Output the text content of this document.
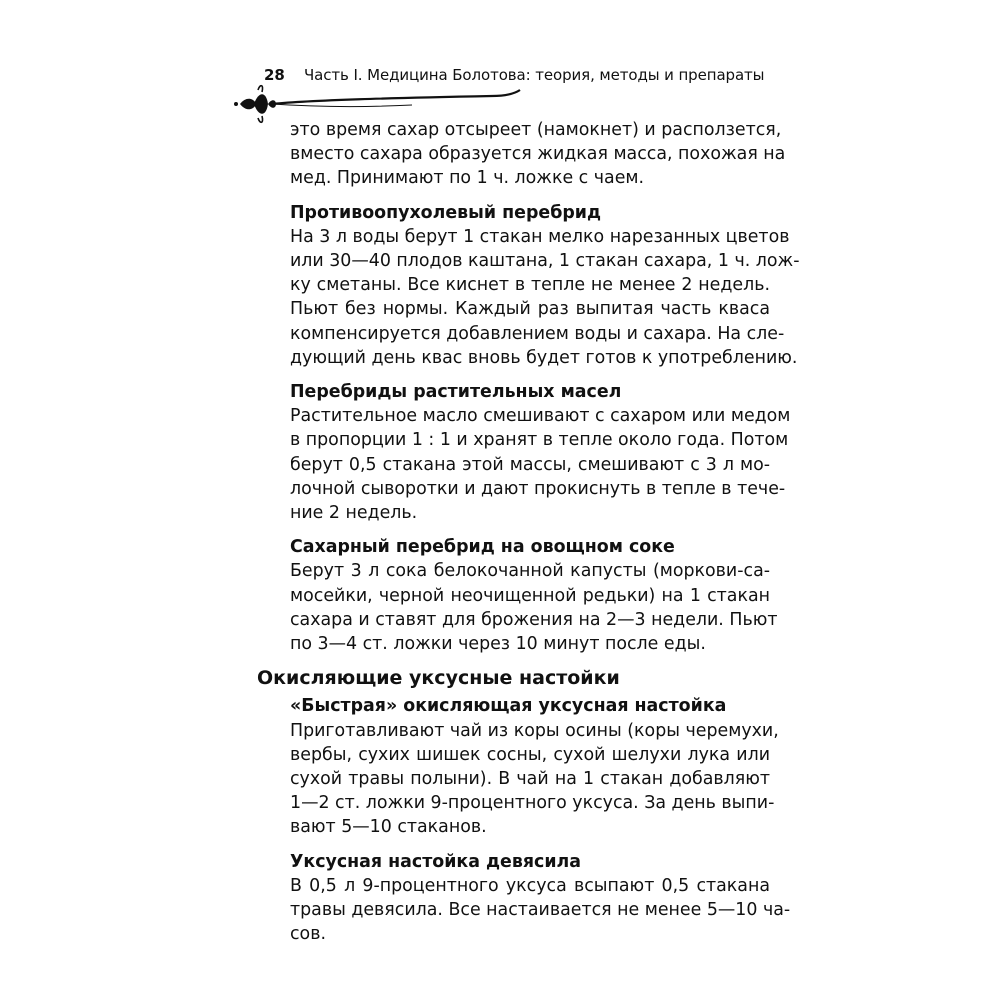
28 Часть I. Медицина Болотова: теория, методы и препараты
это время сахар отсыреет (намокнет) и расползется,
вместо сахара образуется жидкая масса, похожая на
мед. Принимают по 1 ч. ложке с чаем.
Противоопухолевый перебрид
На 3 л воды берут 1 стакан мелко нарезанных цветов
или 30—40 плодов каштана, 1 стакан сахара, 1 ч. лож-
ку сметаны. Все киснет в тепле не менее 2 недель.
Пьют без нормы. Каждый раз выпитая часть кваса
компенсируется добавлением воды и сахара. На сле-
дующий день квас вновь будет готов к употреблению.
Перебриды растительных масел
Растительное масло смешивают с сахаром или медом
в пропорции 1 : 1 и хранят в тепле около года. Потом
берут 0,5 стакана этой массы, смешивают с 3 л мо-
лочной сыворотки и дают прокиснуть в тепле в тече-
ние 2 недель.
Сахарный перебрид на овощном соке
Берут 3 л сока белокочанной капусты (моркови-са-
мосейки, черной неочищенной редьки) на 1 стакан
сахара и ставят для брожения на 2—3 недели. Пьют
по 3—4 ст. ложки через 10 минут после еды.
Окисляющие уксусные настойки
«Быстрая» окисляющая уксусная настойка
Приготавливают чай из коры осины (коры черемухи,
вербы, сухих шишек сосны, сухой шелухи лука или
сухой травы полыни). В чай на 1 стакан добавляют
1—2 ст. ложки 9-процентного уксуса. За день выпи-
вают 5—10 стаканов.
Уксусная настойка девясила
В 0,5 л 9-процентного уксуса всыпают 0,5 стакана
травы девясила. Все настаивается не менее 5—10 ча-
сов.
